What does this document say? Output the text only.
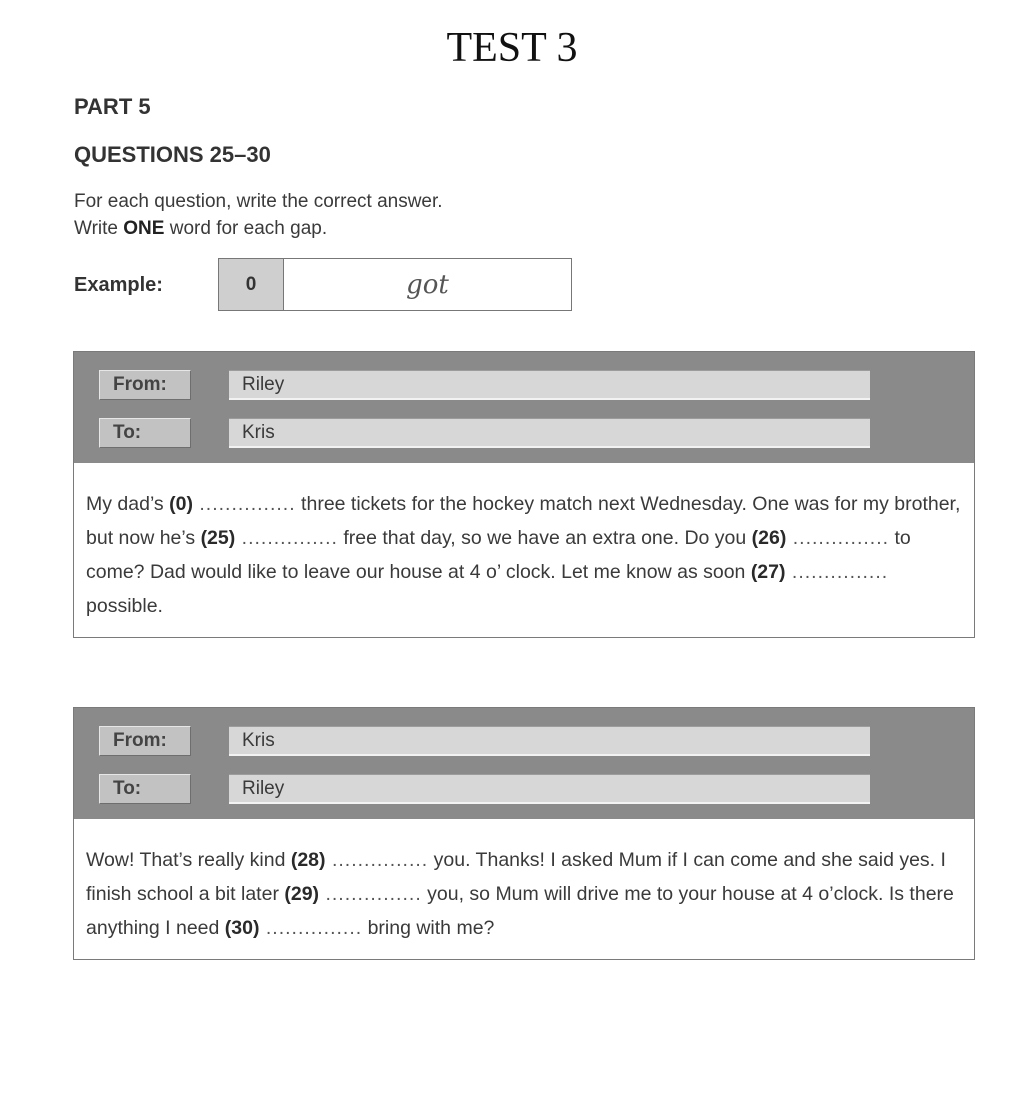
TEST 3
PART 5
QUESTIONS 25–30
For each question, write the correct answer.
Write ONE word for each gap.
Example:	0	got
From:	Riley
To:	Kris
My dad’s (0) ............... three tickets for the hockey match next Wednesday. One was for my brother, but now he’s (25) ............... free that day, so we have an extra one. Do you (26) ............... to come? Dad would like to leave our house at 4 o’ clock. Let me know as soon (27) ............... possible.
From:	Kris
To:	Riley
Wow! That’s really kind (28) ............... you. Thanks! I asked Mum if I can come and she said yes. I finish school a bit later (29) ............... you, so Mum will drive me to your house at 4 o’clock. Is there anything I need (30) ............... bring with me?
